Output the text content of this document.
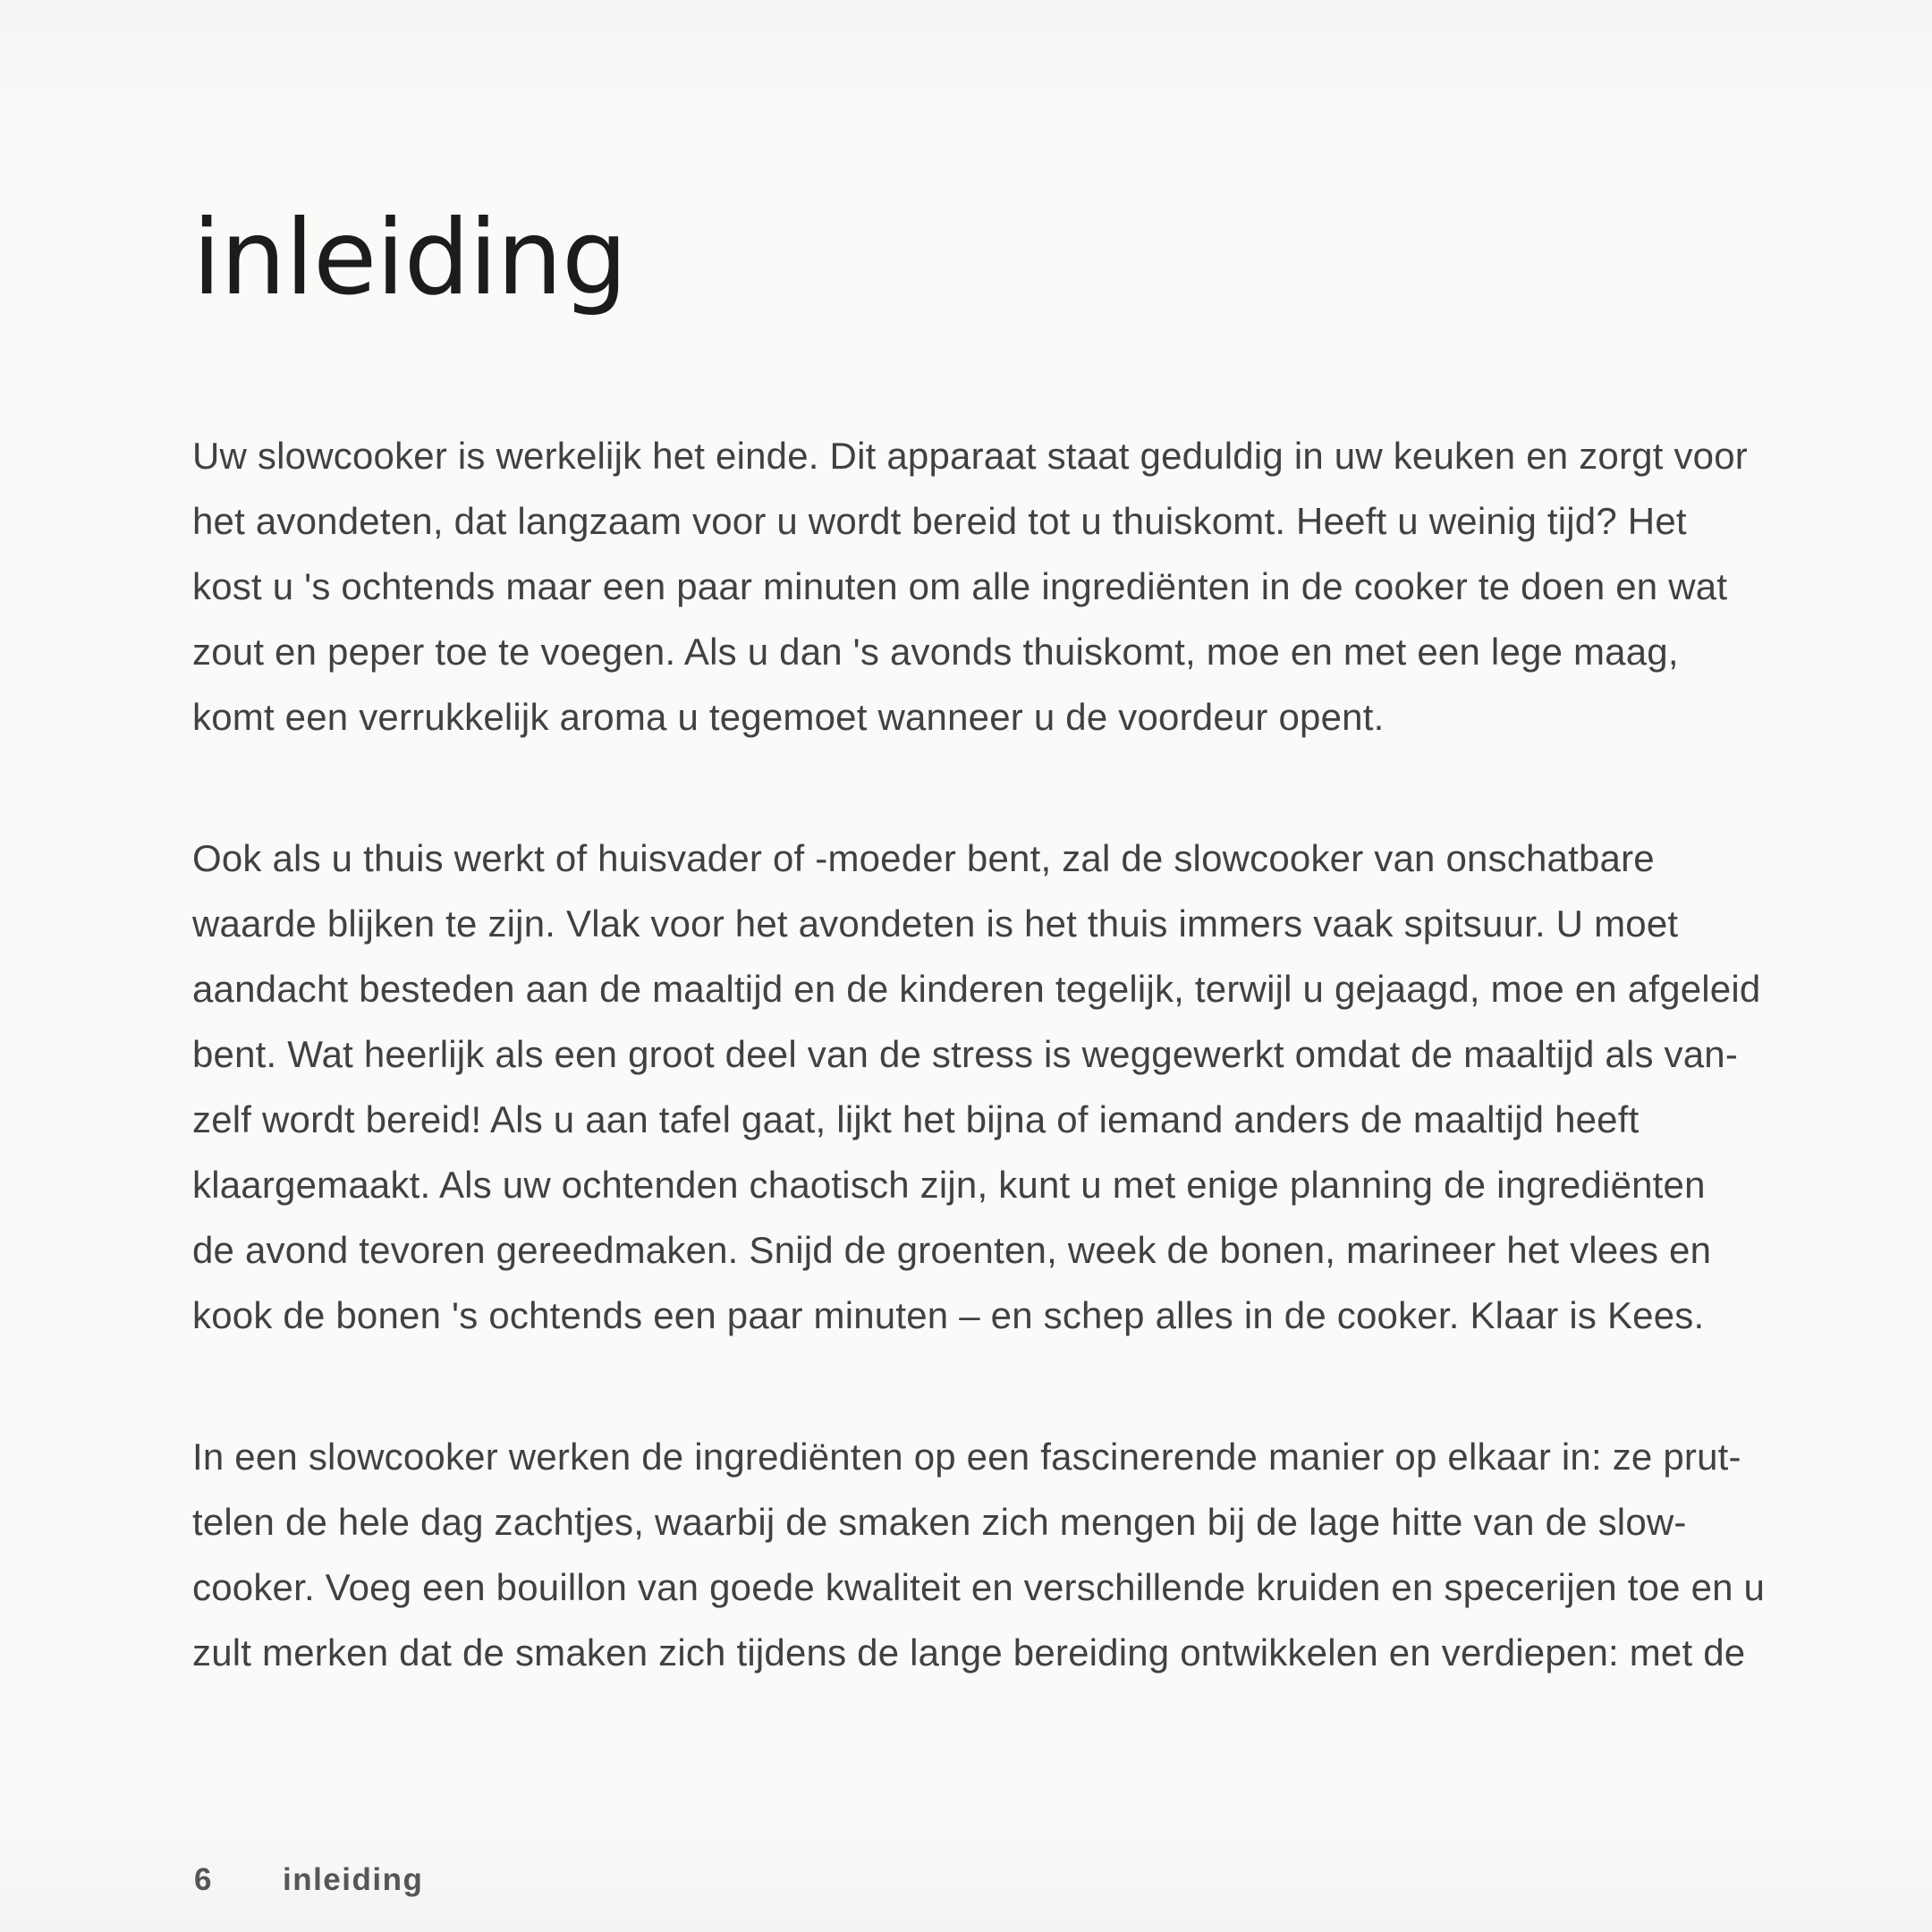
inleiding
Uw slowcooker is werkelijk het einde. Dit apparaat staat geduldig in uw keuken en zorgt voor
het avondeten, dat langzaam voor u wordt bereid tot u thuiskomt. Heeft u weinig tijd? Het
kost u 's ochtends maar een paar minuten om alle ingrediënten in de cooker te doen en wat
zout en peper toe te voegen. Als u dan 's avonds thuiskomt, moe en met een lege maag,
komt een verrukkelijk aroma u tegemoet wanneer u de voordeur opent.
Ook als u thuis werkt of huisvader of -moeder bent, zal de slowcooker van onschatbare
waarde blijken te zijn. Vlak voor het avondeten is het thuis immers vaak spitsuur. U moet
aandacht besteden aan de maaltijd en de kinderen tegelijk, terwijl u gejaagd, moe en afgeleid
bent. Wat heerlijk als een groot deel van de stress is weggewerkt omdat de maaltijd als van-
zelf wordt bereid! Als u aan tafel gaat, lijkt het bijna of iemand anders de maaltijd heeft
klaargemaakt. Als uw ochtenden chaotisch zijn, kunt u met enige planning de ingrediënten
de avond tevoren gereedmaken. Snijd de groenten, week de bonen, marineer het vlees en
kook de bonen 's ochtends een paar minuten – en schep alles in de cooker. Klaar is Kees.
In een slowcooker werken de ingrediënten op een fascinerende manier op elkaar in: ze prut-
telen de hele dag zachtjes, waarbij de smaken zich mengen bij de lage hitte van de slow-
cooker. Voeg een bouillon van goede kwaliteit en verschillende kruiden en specerijen toe en u
zult merken dat de smaken zich tijdens de lange bereiding ontwikkelen en verdiepen: met de
6 inleiding
